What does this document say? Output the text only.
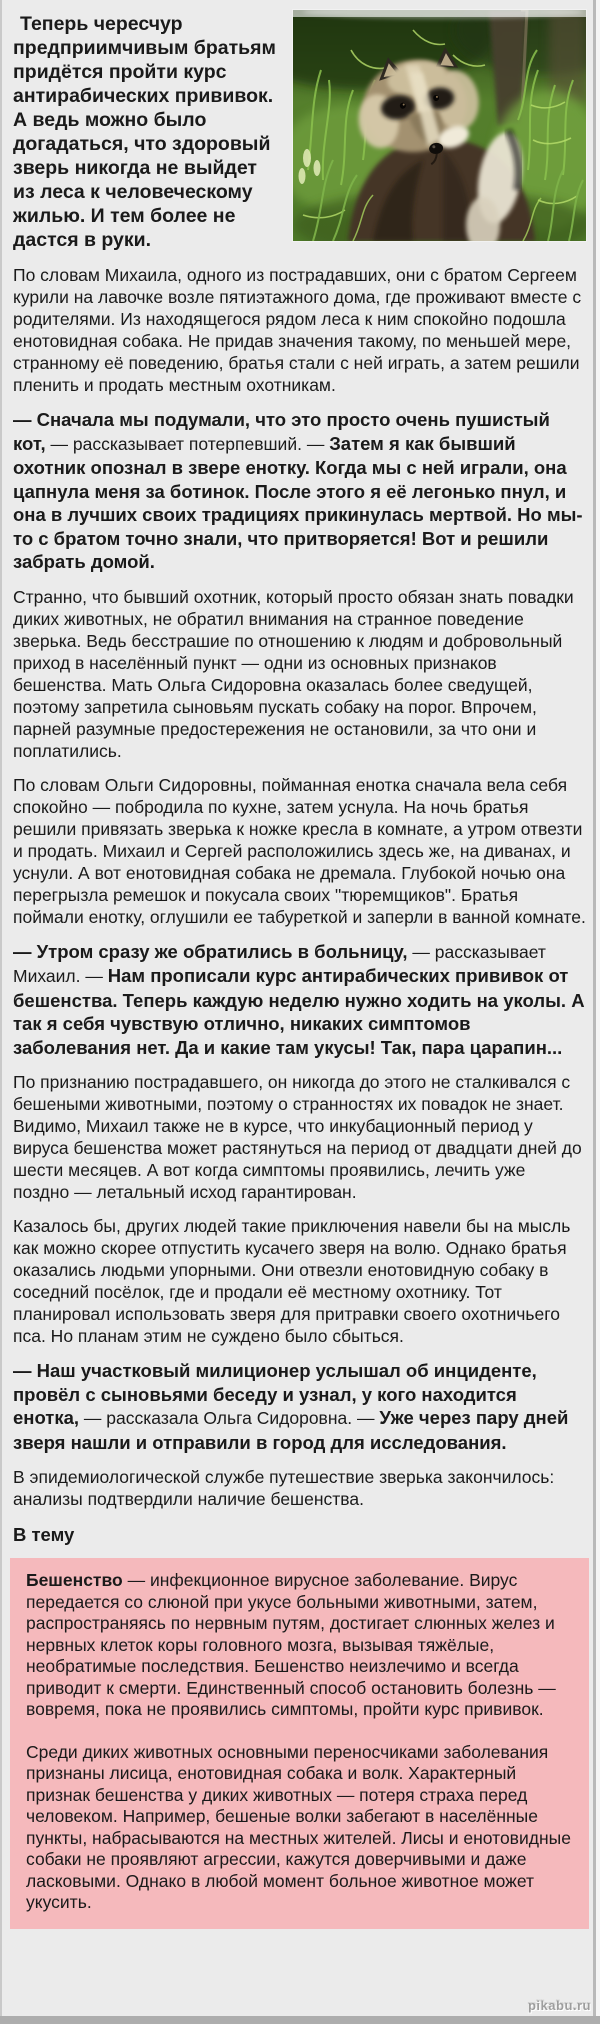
Теперь чересчур предприимчивым братьям придётся пройти курс антирабических прививок. А ведь можно было догадаться, что здоровый зверь никогда не выйдет из леса к человеческому жилью. И тем более не дастся в руки.

По словам Михаила, одного из пострадавших, они с братом Сергеем курили на лавочке возле пятиэтажного дома, где проживают вместе с родителями. Из находящегося рядом леса к ним спокойно подошла енотовидная собака. Не придав значения такому, по меньшей мере, странному её поведению, братья стали с ней играть, а затем решили пленить и продать местным охотникам.

— Сначала мы подумали, что это просто очень пушистый кот, — рассказывает потерпевший. — Затем я как бывший охотник опознал в звере енотку. Когда мы с ней играли, она цапнула меня за ботинок. После этого я её легонько пнул, и она в лучших своих традициях прикинулась мертвой. Но мы-то с братом точно знали, что притворяется! Вот и решили забрать домой.

Странно, что бывший охотник, который просто обязан знать повадки диких животных, не обратил внимания на странное поведение зверька. Ведь бесстрашие по отношению к людям и добровольный приход в населённый пункт — одни из основных признаков бешенства. Мать Ольга Сидоровна оказалась более сведущей, поэтому запретила сыновьям пускать собаку на порог. Впрочем, парней разумные предостережения не остановили, за что они и поплатились.

По словам Ольги Сидоровны, пойманная енотка сначала вела себя спокойно — побродила по кухне, затем уснула. На ночь братья решили привязать зверька к ножке кресла в комнате, а утром отвезти и продать. Михаил и Сергей расположились здесь же, на диванах, и уснули. А вот енотовидная собака не дремала. Глубокой ночью она перегрызла ремешок и покусала своих "тюремщиков". Братья поймали енотку, оглушили ее табуреткой и заперли в ванной комнате.

— Утром сразу же обратились в больницу, — рассказывает Михаил. — Нам прописали курс антирабических прививок от бешенства. Теперь каждую неделю нужно ходить на уколы. А так я себя чувствую отлично, никаких симптомов заболевания нет. Да и какие там укусы! Так, пара царапин...

По признанию пострадавшего, он никогда до этого не сталкивался с бешеными животными, поэтому о странностях их повадок не знает. Видимо, Михаил также не в курсе, что инкубационный период у вируса бешенства может растянуться на период от двадцати дней до шести месяцев. А вот когда симптомы проявились, лечить уже поздно — летальный исход гарантирован.

Казалось бы, других людей такие приключения навели бы на мысль как можно скорее отпустить кусачего зверя на волю. Однако братья оказались людьми упорными. Они отвезли енотовидную собаку в соседний посёлок, где и продали её местному охотнику. Тот планировал использовать зверя для притравки своего охотничьего пса. Но планам этим не суждено было сбыться.

— Наш участковый милиционер услышал об инциденте, провёл с сыновьями беседу и узнал, у кого находится енотка, — рассказала Ольга Сидоровна. — Уже через пару дней зверя нашли и отправили в город для исследования.

В эпидемиологической службе путешествие зверька закончилось: анализы подтвердили наличие бешенства.

В тему

Бешенство — инфекционное вирусное заболевание. Вирус передается со слюной при укусе больными животными, затем, распространяясь по нервным путям, достигает слюнных желез и нервных клеток коры головного мозга, вызывая тяжёлые, необратимые последствия. Бешенство неизлечимо и всегда приводит к смерти. Единственный способ остановить болезнь — вовремя, пока не проявились симптомы, пройти курс прививок.

Среди диких животных основными переносчиками заболевания признаны лисица, енотовидная собака и волк. Характерный признак бешенства у диких животных — потеря страха перед человеком. Например, бешеные волки забегают в населённые пункты, набрасываются на местных жителей. Лисы и енотовидные собаки не проявляют агрессии, кажутся доверчивыми и даже ласковыми. Однако в любой момент больное животное может укусить.

pikabu.ru
